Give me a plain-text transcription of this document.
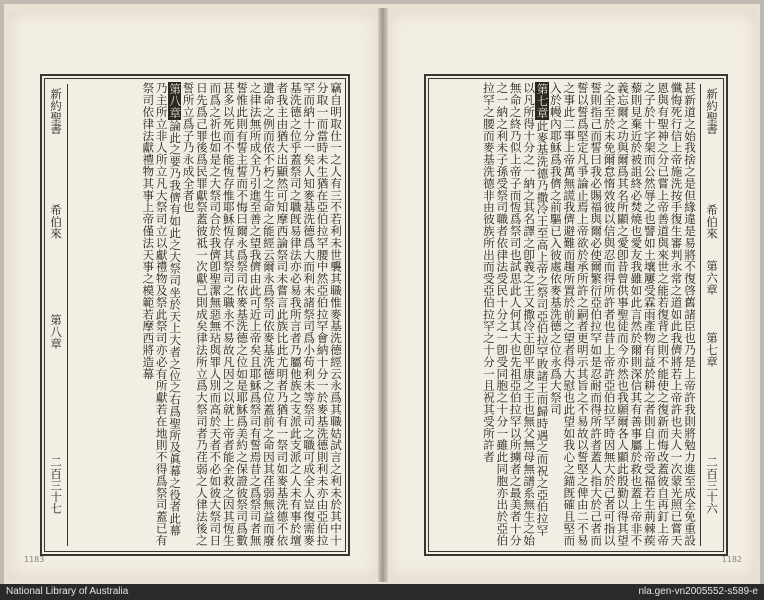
竊自明取仕一之人有三不若利未世襲其職惟麥基洗德經云永爲其職姑試言之利未於其中十分取一而當時未生猶在亞伯拉罕腰中然亞伯拉罕會納十分一於麥基洗德則利未亦由亞伯拉罕而納十分一矣人知麥基洗德爲大而利未諸祭司爲小苟利未等祭司之職可成全人豈復需麥基洗德之位乎蓋祭司之職旣易律法亦必易我所言者乃屬他族之支派此支派之人未有事於壇者我主由猶大出顯然可知摩西論祭司未嘗言此族比此尤明者乃猶有一祭司如麥基洗德不依遺命之例而依不朽之生命之能經云爾永爲祭司依麥基洗德之位蓋前之命因其荏弱無益而廢之律法無所成全乃引進至善之望我儕由此可近上帝矣且耶穌爲祭司有誓焉昔之爲祭司者無誓惟此則有誓主誓而不悔曰爾永爲祭司依麥基洗德之位如是耶穌爲美約之保證彼祭司爲數甚多以死而不能恆存惟耶穌恆存其祭司之職永不易故凡因之以就上帝者能全救之因其恆生而爲之祈也如是之大祭司合於我儕卽聖潔無惡無玷與罪人別而高於天者不必如彼大祭司日日先爲己罪後爲民罪獻祭蓋彼祗一次獻己則成矣律法所立爲大祭司者乃荏弱之人律法後之誓所立爲子乃永成全者也

第八章論此之要乃我儕有如此之大祭司坐於天上大者之位之右爲聖所及眞幕之役者此幕乃主所立非人所立凡大祭司立以獻禮物及祭此祭司亦必有所獻若在地則不得爲祭司蓋已有祭司依律法獻禮物其事上帝僅法天事之模範若摩西將造幕

新約聖書
希伯來
第八章
二百三十七
1183

甚新道之始我捨之是但緣違是易將不復啓舊諸臣也乃是上帝許我則將勉力進至成全免重設懺悔死行信上帝施洗按手復生審判永常之道如此我儕將若上帝許也夫人一次蒙光照已嘗天恩與有聖神之分已嘗上帝善道與來世之能若復背之則不能使之復新而悔改蓋彼自再釘上帝之子於十字架而公然辱之也譬如土壤屢受霖雨產物有益於耕之者則自上帝受福若生荊棘蒺藜則見棄近於被詛終必焚燒也愛友我雖如此言然於爾則深信其有善事屬於救也蓋上帝非不義忘爾之功與爾爲其名所顯之愛卽昔曾供事聖徒而今亦然也我願爾各人顯此殷勤以得其望之全至於末免爾怠惰效彼以信與忍而得所許者也昔上帝許亞伯拉罕時因無大於己者可指以誓則指己而誓曰我必賜福與爾必使爾繁衍亞伯拉罕如是忍耐而得所許者蓋人指大於己者而誓以誓爲堅定凡爭論止焉上帝欲於承所許之嗣者更明示其旨之不易故以誓堅之俾由二不易之事此二事上帝萬無謊我儕避難而趨所置於前之望者得大慰也此望如我心之錨旣確且堅而入於幔內耶穌爲我儕之前驅已入彼處依麥基洗德之位永爲大祭司

第七章此麥基洗德乃撒冷王至高上帝之祭司亞伯拉罕敗諸王而歸時遇之而祝之亞伯拉罕以凡所得十分之一納之其名譯之卽義之王又撒冷王卽平康之王也無父無母無譜系無生之始無命之終乃似上帝子而恆爲祭司也試思此人何其大也先祖亞伯拉罕以所擄者之最美者十分之一納之利未子孫受祭司職者依律法受民十分之一卽受同胞之十分一雖此同胞亦出於亞伯拉罕之腰而麥基洗德非由彼族所出而受亞伯拉罕之十分一且祝其受所許者	新約聖書
希伯來
第六章
第七章
二百三十六
1182
National Library of Australia	nla.gen-vn2005552-s589-e
